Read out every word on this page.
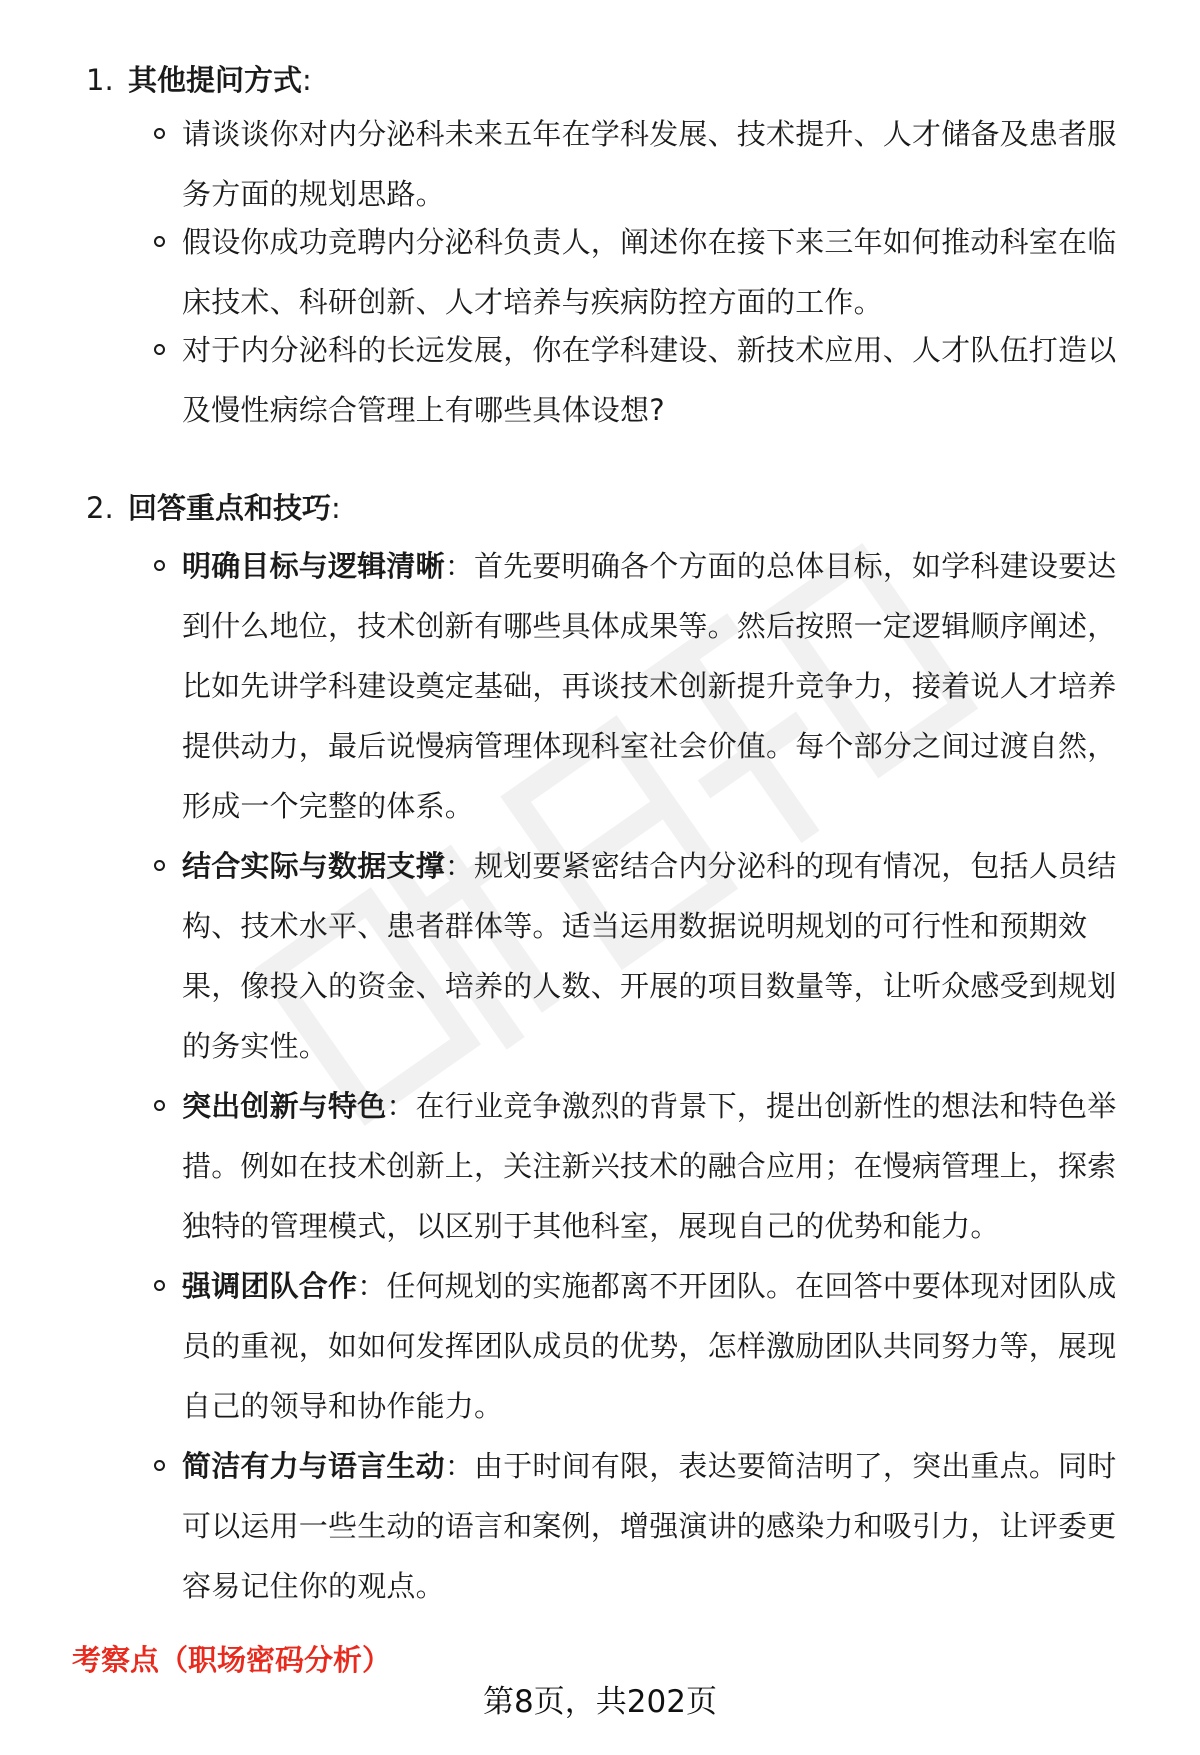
1. 其他提问方式:
请谈谈你对内分泌科未来五年在学科发展、技术提升、人才储备及患者服务方面的规划思路。
假设你成功竞聘内分泌科负责人，阐述你在接下来三年如何推动科室在临床技术、科研创新、人才培养与疾病防控方面的工作。
对于内分泌科的长远发展，你在学科建设、新技术应用、人才队伍打造以及慢性病综合管理上有哪些具体设想?
2. 回答重点和技巧:
明确目标与逻辑清晰：首先要明确各个方面的总体目标，如学科建设要达到什么地位，技术创新有哪些具体成果等。然后按照一定逻辑顺序阐述，比如先讲学科建设奠定基础，再谈技术创新提升竞争力，接着说人才培养提供动力，最后说慢病管理体现科室社会价值。每个部分之间过渡自然，形成一个完整的体系。
结合实际与数据支撑：规划要紧密结合内分泌科的现有情况，包括人员结构、技术水平、患者群体等。适当运用数据说明规划的可行性和预期效果，像投入的资金、培养的人数、开展的项目数量等，让听众感受到规划的务实性。
突出创新与特色：在行业竞争激烈的背景下，提出创新性的想法和特色举措。例如在技术创新上，关注新兴技术的融合应用；在慢病管理上，探索独特的管理模式，以区别于其他科室，展现自己的优势和能力。
强调团队合作：任何规划的实施都离不开团队。在回答中要体现对团队成员的重视，如如何发挥团队成员的优势，怎样激励团队共同努力等，展现自己的领导和协作能力。
简洁有力与语言生动：由于时间有限，表达要简洁明了，突出重点。同时可以运用一些生动的语言和案例，增强演讲的感染力和吸引力，让评委更容易记住你的观点。
考察点（职场密码分析）
第8页，共202页
